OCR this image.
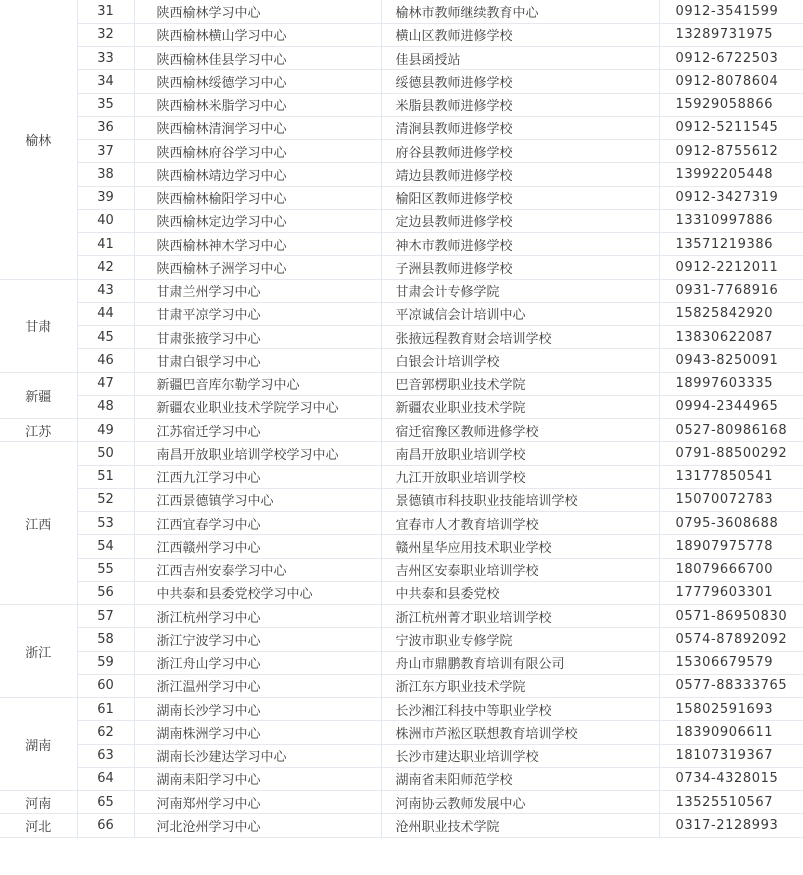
榆林	31	陕西榆林学习中心	榆林市教师继续教育中心	0912-3541599
	32	陕西榆林横山学习中心	横山区教师进修学校	13289731975
	33	陕西榆林佳县学习中心	佳县函授站	0912-6722503
	34	陕西榆林绥德学习中心	绥德县教师进修学校	0912-8078604
	35	陕西榆林米脂学习中心	米脂县教师进修学校	15929058866
	36	陕西榆林清涧学习中心	清涧县教师进修学校	0912-5211545
	37	陕西榆林府谷学习中心	府谷县教师进修学校	0912-8755612
	38	陕西榆林靖边学习中心	靖边县教师进修学校	13992205448
	39	陕西榆林榆阳学习中心	榆阳区教师进修学校	0912-3427319
	40	陕西榆林定边学习中心	定边县教师进修学校	13310997886
	41	陕西榆林神木学习中心	神木市教师进修学校	13571219386
	42	陕西榆林子洲学习中心	子洲县教师进修学校	0912-2212011
甘肃	43	甘肃兰州学习中心	甘肃会计专修学院	0931-7768916
	44	甘肃平凉学习中心	平凉诚信会计培训中心	15825842920
	45	甘肃张掖学习中心	张掖远程教育财会培训学校	13830622087
	46	甘肃白银学习中心	白银会计培训学校	0943-8250091
新疆	47	新疆巴音库尔勒学习中心	巴音郭楞职业技术学院	18997603335
	48	新疆农业职业技术学院学习中心	新疆农业职业技术学院	0994-2344965
江苏	49	江苏宿迁学习中心	宿迁宿豫区教师进修学校	0527-80986168
江西	50	南昌开放职业培训学校学习中心	南昌开放职业培训学校	0791-88500292
	51	江西九江学习中心	九江开放职业培训学校	13177850541
	52	江西景德镇学习中心	景德镇市科技职业技能培训学校	15070072783
	53	江西宜春学习中心	宜春市人才教育培训学校	0795-3608688
	54	江西赣州学习中心	赣州星华应用技术职业学校	18907975778
	55	江西吉州安泰学习中心	吉州区安泰职业培训学校	18079666700
	56	中共泰和县委党校学习中心	中共泰和县委党校	17779603301
浙江	57	浙江杭州学习中心	浙江杭州菁才职业培训学校	0571-86950830
	58	浙江宁波学习中心	宁波市职业专修学院	0574-87892092
	59	浙江舟山学习中心	舟山市鼎鹏教育培训有限公司	15306679579
	60	浙江温州学习中心	浙江东方职业技术学院	0577-88333765
湖南	61	湖南长沙学习中心	长沙湘江科技中等职业学校	15802591693
	62	湖南株洲学习中心	株洲市芦淞区联想教育培训学校	18390906611
	63	湖南长沙建达学习中心	长沙市建达职业培训学校	18107319367
	64	湖南耒阳学习中心	湖南省耒阳师范学校	0734-4328015
河南	65	河南郑州学习中心	河南协云教师发展中心	13525510567
河北	66	河北沧州学习中心	沧州职业技术学院	0317-2128993
